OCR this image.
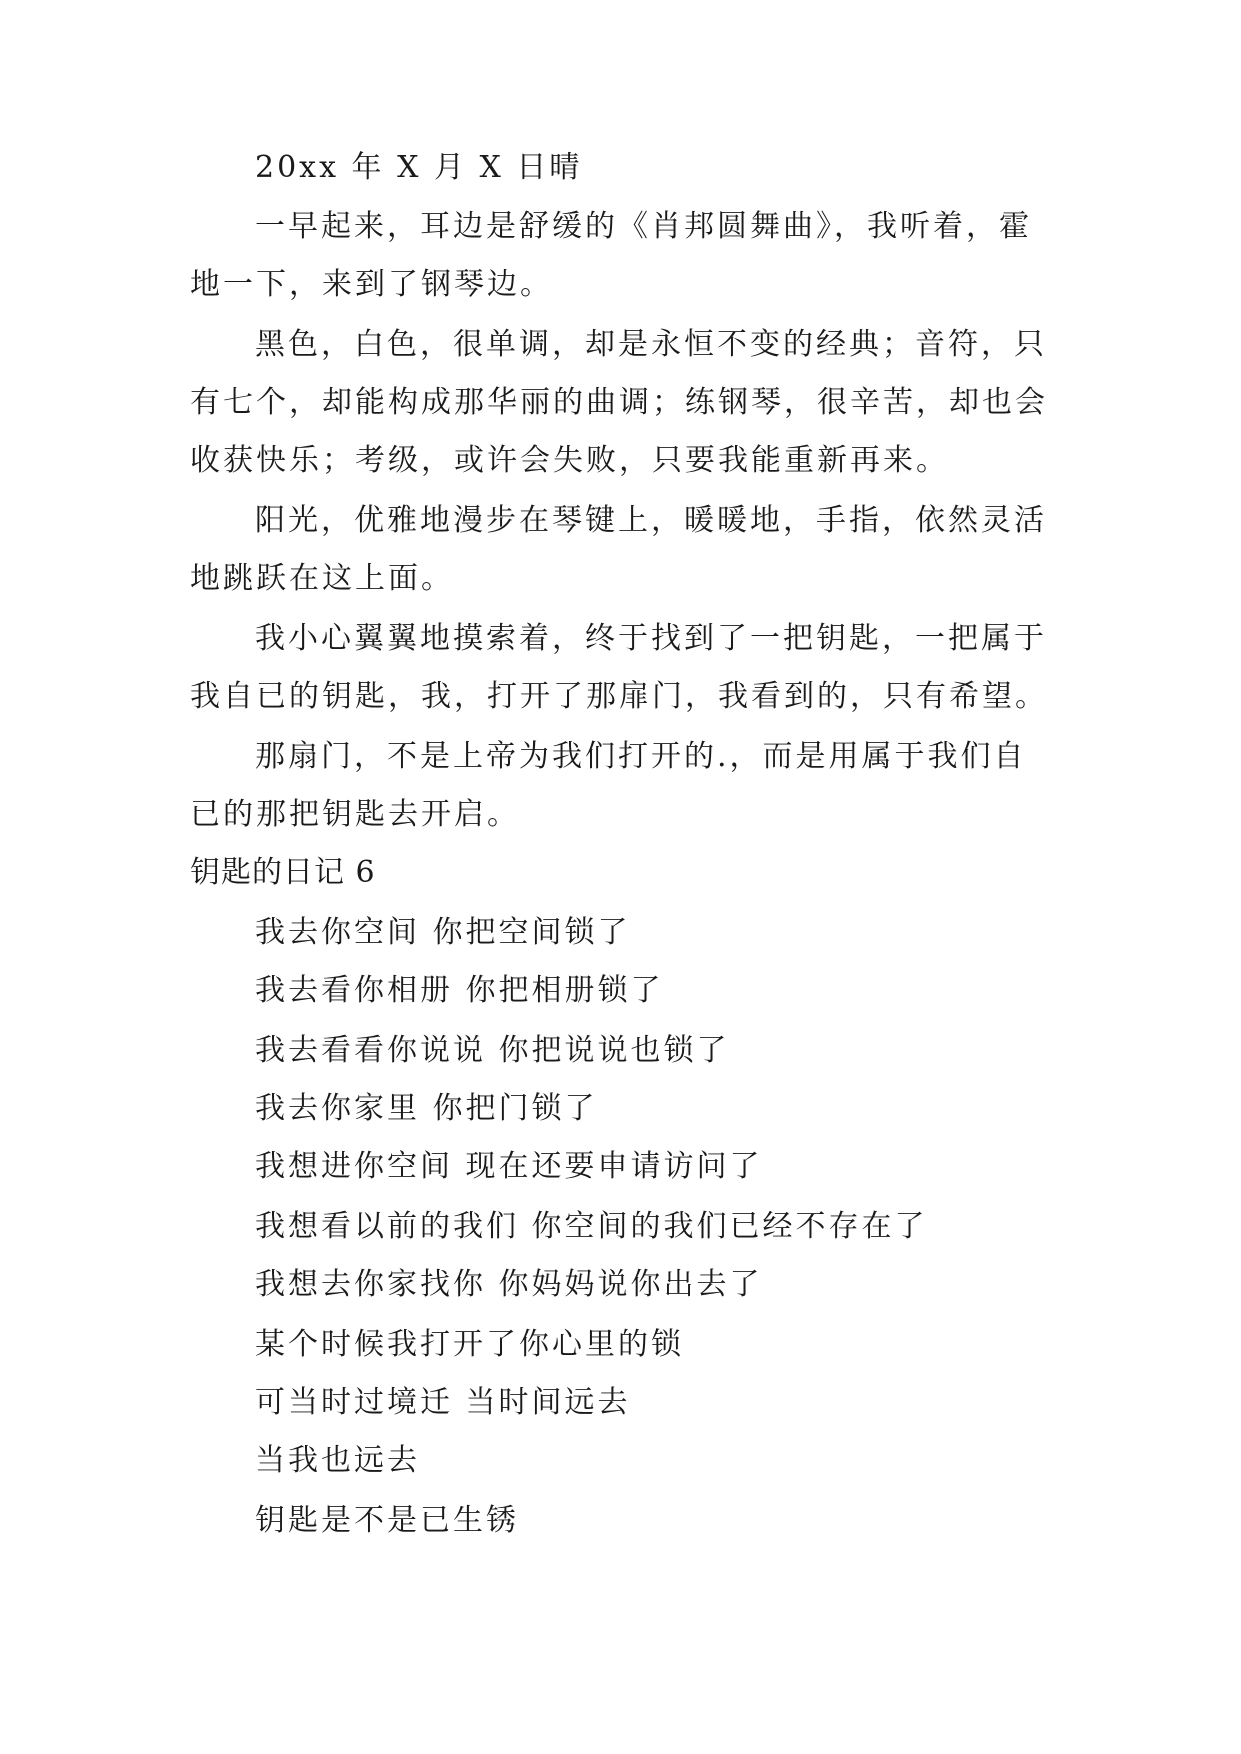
20xx 年 X 月 X 日晴
一早起来，耳边是舒缓的《肖邦圆舞曲》，我听着，霍
地一下，来到了钢琴边。
黑色，白色，很单调，却是永恒不变的经典；音符，只
有七个，却能构成那华丽的曲调；练钢琴，很辛苦，却也会
收获快乐；考级，或许会失败，只要我能重新再来。
阳光，优雅地漫步在琴键上，暖暖地，手指，依然灵活
地跳跃在这上面。
我小心翼翼地摸索着，终于找到了一把钥匙，一把属于
我自已的钥匙，我，打开了那扉门，我看到的，只有希望。
那扇门，不是上帝为我们打开的.，而是用属于我们自
已的那把钥匙去开启。
钥匙的日记 6
我去你空间 你把空间锁了
我去看你相册 你把相册锁了
我去看看你说说 你把说说也锁了
我去你家里 你把门锁了
我想进你空间 现在还要申请访问了
我想看以前的我们 你空间的我们已经不存在了
我想去你家找你 你妈妈说你出去了
某个时候我打开了你心里的锁
可当时过境迁 当时间远去
当我也远去
钥匙是不是已生锈
